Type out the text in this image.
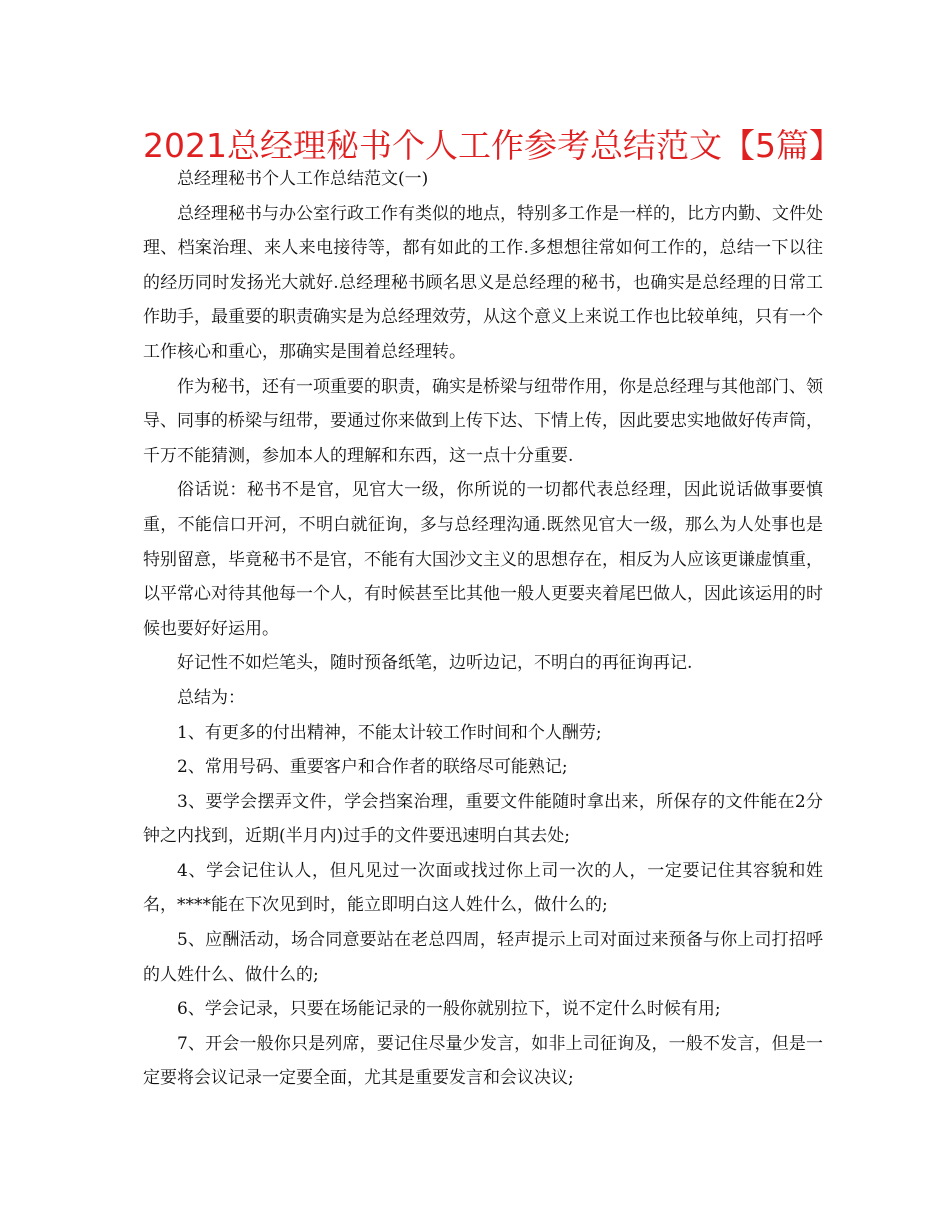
2021总经理秘书个人工作参考总结范文【5篇】

总经理秘书个人工作总结范文(一)

总经理秘书与办公室行政工作有类似的地点，特别多工作是一样的，比方内勤、文件处理、档案治理、来人来电接待等，都有如此的工作.多想想往常如何工作的，总结一下以往的经历同时发扬光大就好.总经理秘书顾名思义是总经理的秘书，也确实是总经理的日常工作助手，最重要的职责确实是为总经理效劳，从这个意义上来说工作也比较单纯，只有一个工作核心和重心，那确实是围着总经理转。

作为秘书，还有一项重要的职责，确实是桥梁与纽带作用，你是总经理与其他部门、领导、同事的桥梁与纽带，要通过你来做到上传下达、下情上传，因此要忠实地做好传声筒，千万不能猜测，参加本人的理解和东西，这一点十分重要.

俗话说：秘书不是官，见官大一级，你所说的一切都代表总经理，因此说话做事要慎重，不能信口开河，不明白就征询，多与总经理沟通.既然见官大一级，那么为人处事也是特别留意，毕竟秘书不是官，不能有大国沙文主义的思想存在，相反为人应该更谦虚慎重，以平常心对待其他每一个人，有时候甚至比其他一般人更要夹着尾巴做人，因此该运用的时候也要好好运用。

好记性不如烂笔头，随时预备纸笔，边听边记，不明白的再征询再记.

总结为：

1、有更多的付出精神，不能太计较工作时间和个人酬劳;

2、常用号码、重要客户和合作者的联络尽可能熟记;

3、要学会摆弄文件，学会挡案治理，重要文件能随时拿出来，所保存的文件能在2分钟之内找到，近期(半月内)过手的文件要迅速明白其去处;

4、学会记住认人，但凡见过一次面或找过你上司一次的人，一定要记住其容貌和姓名，****能在下次见到时，能立即明白这人姓什么，做什么的;

5、应酬活动，场合同意要站在老总四周，轻声提示上司对面过来预备与你上司打招呼的人姓什么、做什么的;

6、学会记录，只要在场能记录的一般你就别拉下，说不定什么时候有用;

7、开会一般你只是列席，要记住尽量少发言，如非上司征询及，一般不发言，但是一定要将会议记录一定要全面，尤其是重要发言和会议决议;
